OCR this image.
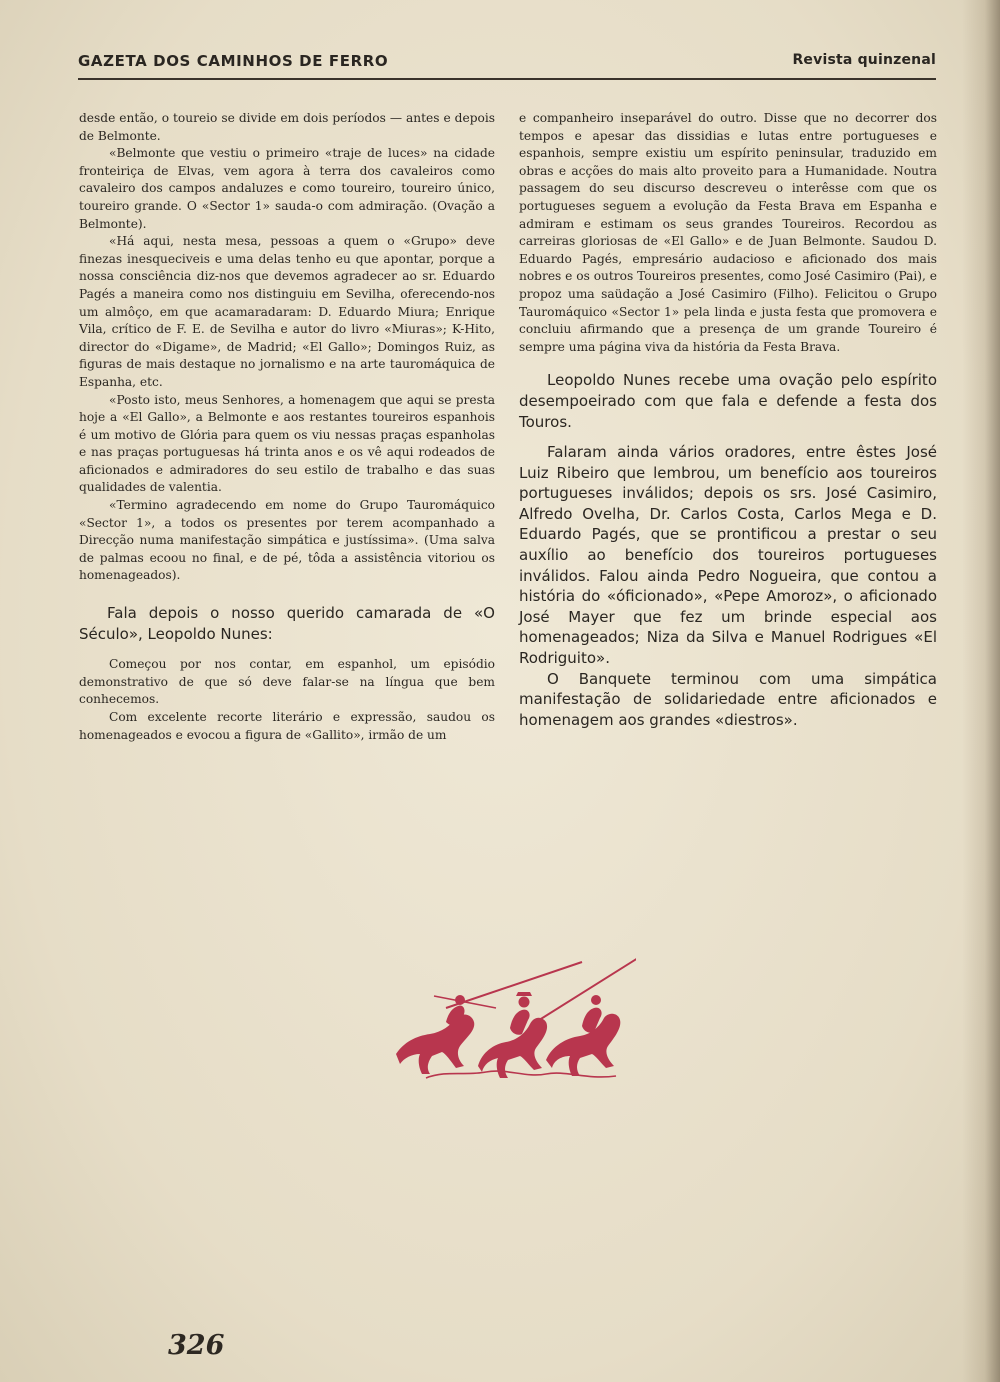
GAZETA DOS CAMINHOS DE FERRO	Revista quinzenal

desde então, o toureio se divide em dois períodos — antes e depois de Belmonte.

«Belmonte que vestiu o primeiro «traje de luces» na cidade fronteiriça de Elvas, vem agora à terra dos cavaleiros como cavaleiro dos campos andaluzes e como toureiro, toureiro único, toureiro grande. O «Sector 1» sauda-o com admiração. (Ovação a Belmonte).

«Há aqui, nesta mesa, pessoas a quem o «Grupo» deve finezas inesqueciveis e uma delas tenho eu que apontar, porque a nossa consciência diz-nos que devemos agradecer ao sr. Eduardo Pagés a maneira como nos distinguiu em Sevilha, oferecendo-nos um almôço, em que acamaradaram: D. Eduardo Miura; Enrique Vila, crítico de F. E. de Sevilha e autor do livro «Miuras»; K-Hito, director do «Digame», de Madrid; «El Gallo»; Domingos Ruiz, as figuras de mais destaque no jornalismo e na arte tauromáquica de Espanha, etc.

«Posto isto, meus Senhores, a homenagem que aqui se presta hoje a «El Gallo», a Belmonte e aos restantes toureiros espanhois é um motivo de Glória para quem os viu nessas praças espanholas e nas praças portuguesas há trinta anos e os vê aqui rodeados de aficionados e admiradores do seu estilo de trabalho e das suas qualidades de valentia.

«Termino agradecendo em nome do Grupo Tauromáquico «Sector 1», a todos os presentes por terem acompanhado a Direcção numa manifestação simpática e justíssima». (Uma salva de palmas ecoou no final, e de pé, tôda a assistência vitoriou os homenageados).

Fala depois o nosso querido camarada de «O Século», Leopoldo Nunes:

Começou por nos contar, em espanhol, um episódio demonstrativo de que só deve falar-se na língua que bem conhecemos.

Com excelente recorte literário e expressão, saudou os homenageados e evocou a figura de «Gallito», irmão de um

e companheiro inseparável do outro. Disse que no decorrer dos tempos e apesar das dissidias e lutas entre portugueses e espanhois, sempre existiu um espírito peninsular, traduzido em obras e acções do mais alto proveito para a Humanidade. Noutra passagem do seu discurso descreveu o interêsse com que os portugueses seguem a evolução da Festa Brava em Espanha e admiram e estimam os seus grandes Toureiros. Recordou as carreiras gloriosas de «El Gallo» e de Juan Belmonte. Saudou D. Eduardo Pagés, empresário audacioso e aficionado dos mais nobres e os outros Toureiros presentes, como José Casimiro (Pai), e propoz uma saüdação a José Casimiro (Filho). Felicitou o Grupo Tauromáquico «Sector 1» pela linda e justa festa que promovera e concluiu afirmando que a presença de um grande Toureiro é sempre uma página viva da história da Festa Brava.

Leopoldo Nunes recebe uma ovação pelo espírito desempoeirado com que fala e defende a festa dos Touros.

Falaram ainda vários oradores, entre êstes José Luiz Ribeiro que lembrou, um benefício aos toureiros portugueses inválidos; depois os srs. José Casimiro, Alfredo Ovelha, Dr. Carlos Costa, Carlos Mega e D. Eduardo Pagés, que se prontificou a prestar o seu auxílio ao benefício dos toureiros portugueses inválidos. Falou ainda Pedro Nogueira, que contou a história do «óficionado», «Pepe Amoroz», o aficionado José Mayer que fez um brinde especial aos homenageados; Niza da Silva e Manuel Rodrigues «El Rodriguito».

O Banquete terminou com uma simpática manifestação de solidariedade entre aficionados e homenagem aos grandes «diestros».

326
